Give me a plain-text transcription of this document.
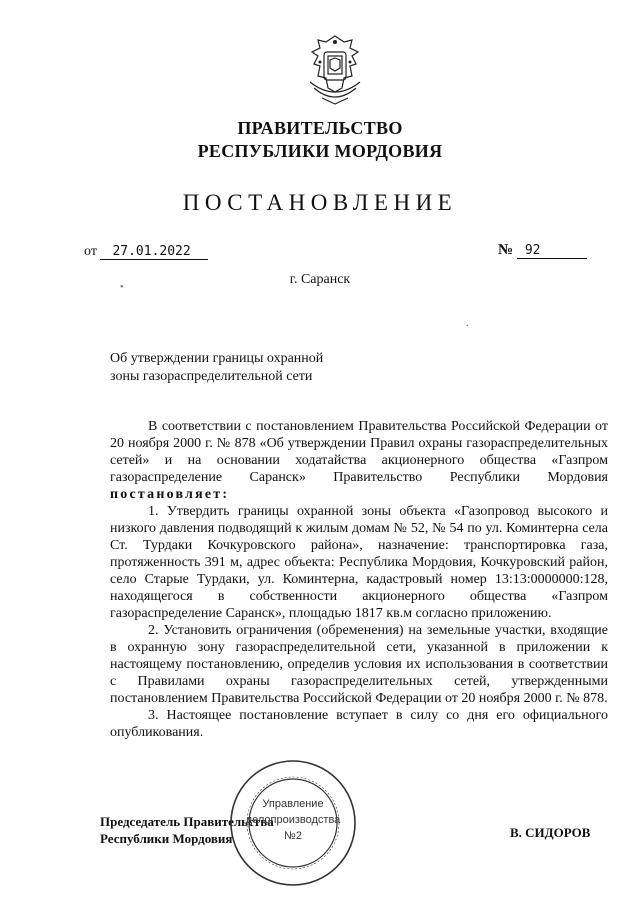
ПРАВИТЕЛЬСТВО
РЕСПУБЛИКИ МОРДОВИЯ
ПОСТАНОВЛЕНИЕ
от 27.01.2022	№ 92
г. Саранск
•
.
Об утверждении границы охранной
зоны газораспределительной сети

В соответствии с постановлением Правительства Российской Федерации от 20 ноября 2000 г. № 878 «Об утверждении Правил охраны газораспределительных сетей» и на основании ходатайства акционерного общества «Газпром газораспределение Саранск» Правительство Республики Мордовия постановляет:

1. Утвердить границы охранной зоны объекта «Газопровод высокого и низкого давления подводящий к жилым домам № 52, № 54 по ул. Коминтерна села Ст. Турдаки Кочкуровского района», назначение: транспортировка газа, протяженность 391 м, адрес объекта: Республика Мордовия, Кочкуровский район, село Старые Турдаки, ул. Коминтерна, кадастровый номер 13:13:0000000:128, находящегося в собственности акционерного общества «Газпром газораспределение Саранск», площадью 1817 кв.м согласно приложению.

2. Установить ограничения (обременения) на земельные участки, входящие в охранную зону газораспределительной сети, указанной в приложении к настоящему постановлению, определив условия их использования в соответствии с Правилами охраны газораспределительных сетей, утвержденными постановлением Правительства Российской Федерации от 20 ноября 2000 г. № 878.

3. Настоящее постановление вступает в силу со дня его официального опубликования.

Председатель Правительства
Республики Мордовия
Управление
делопроизводства
№2	В. СИДОРОВ
